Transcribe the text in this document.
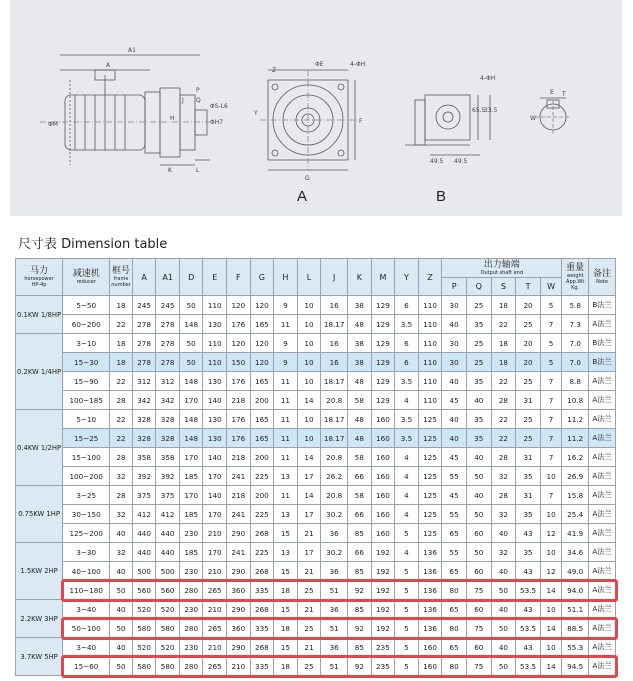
A1
A
ΦM
J
K	L
H
P
Q
ΦS-L6
ΦH7
Z
ΦE	4-ΦH
Y
F
G
4-ΦH
65.5
33.5
49.5 49.5
W
T
E
A	B
尺寸表 Dimension table
马力
horsepower
HP-4p	减速机
reducer	框号
frame
number	A	A1	D	E	F	G	H	L	J	K	M	Y	Z	出力轴端
Output shaft end					重量
weight
App.Wt
Kg.	备注
Note

																P	Q	S	T	W		
0.1KW 1/8HP	5~50	18	245	245	50	110	120	120	9	10	16	38	129	6	110	30	25	18	20	5	5.8	B法兰
	60~200	22	278	278	148	130	176	165	11	10	18.17	48	129	3.5	110	40	35	22	25	7	7.3	A法兰
0.2KW 1/4HP	3~10	18	278	278	50	110	120	120	9	10	16	38	129	6	110	30	25	18	20	5	7.0	B法兰
	15~30	18	278	278	50	110	150	120	9	10	16	38	129	6	110	30	25	18	20	5	7.0	B法兰
	15~90	22	312	312	148	130	176	165	11	10	18.17	48	129	3.5	110	40	35	22	25	7	8.8	A法兰
	100~185	28	342	342	170	140	218	200	11	14	20.8	58	129	4	110	45	40	28	31	7	10.8	A法兰
0.4KW 1/2HP	5~10	22	328	328	148	130	176	165	11	10	18.17	48	160	3.5	125	40	35	22	25	7	11.2	A法兰
	15~25	22	328	328	148	130	176	165	11	10	18.17	48	160	3.5	125	40	35	22	25	7	11.2	A法兰
	15~100	28	358	358	170	140	218	200	11	14	20.8	58	160	4	125	45	40	28	31	7	16.2	A法兰
	100~200	32	392	392	185	170	241	225	13	17	26.2	66	160	4	125	55	50	32	35	10	26.9	A法兰
0.75KW 1HP	3~25	28	375	375	170	140	218	200	11	14	20.8	58	160	4	125	45	40	28	31	7	15.8	A法兰
	30~150	32	412	412	185	170	241	225	13	17	30.2	66	160	4	125	55	50	32	35	10	25.4	A法兰
	125~200	40	440	440	230	210	290	268	15	21	36	85	160	5	125	65	60	40	43	12	41.9	A法兰
1.5KW 2HP	3~30	32	440	440	185	170	241	225	13	17	30.2	66	192	4	136	55	50	32	35	10	34.6	A法兰
	40~100	40	500	500	230	210	290	268	15	21	36	85	192	5	136	65	60	40	43	12	49.0	A法兰
	110~180	50	560	560	280	265	360	335	18	25	51	92	192	5	136	80	75	50	53.5	14	94.0	A法兰
2.2KW 3HP	3~40	40	520	520	230	210	290	268	15	21	36	85	192	5	136	65	60	40	43	10	51.1	A法兰
	50~100	50	580	580	280	265	360	335	18	25	51	92	192	5	136	80	75	50	53.5	14	88.5	A法兰
3.7KW 5HP	3~40	40	520	520	230	210	290	268	15	21	36	85	235	5	160	65	60	40	43	10	55.3	A法兰
	15~60	50	580	580	280	265	210	335	18	25	51	92	235	5	160	80	75	50	53.5	14	94.5	A法兰
